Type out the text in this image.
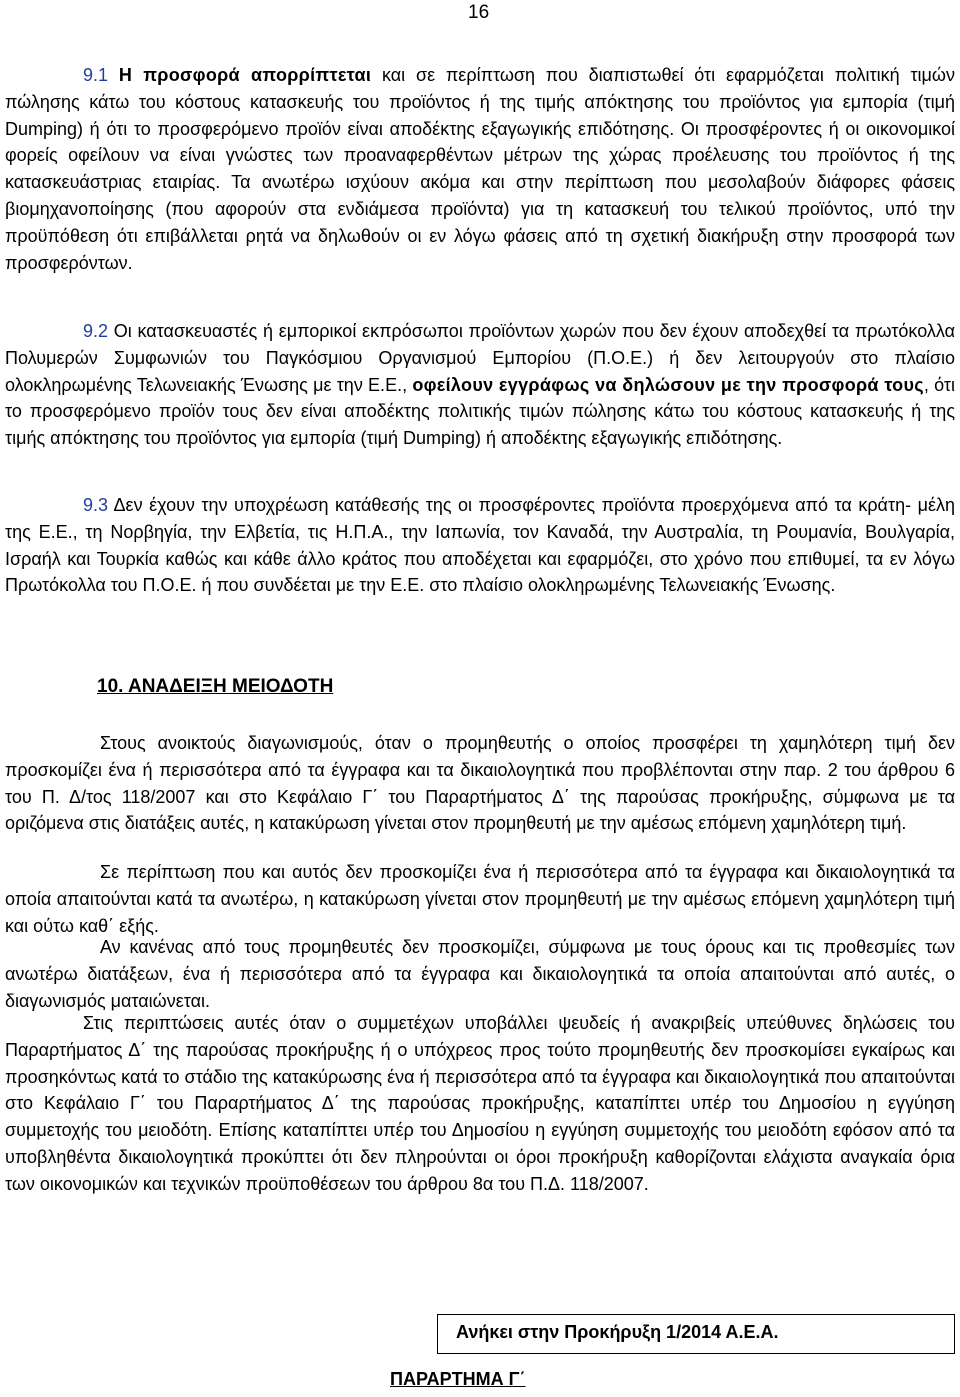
16
9.1 Η προσφορά απορρίπτεται και σε περίπτωση που διαπιστωθεί ότι εφαρμόζεται πολιτική τιμών πώλησης κάτω του κόστους κατασκευής του προϊόντος ή της τιμής απόκτησης του προϊόντος για εμπορία (τιμή Dumping) ή ότι το προσφερόμενο προϊόν είναι αποδέκτης εξαγωγικής επιδότησης. Οι προσφέροντες ή οι οικονομικοί φορείς οφείλουν να είναι γνώστες των προαναφερθέντων μέτρων της χώρας προέλευσης του προϊόντος ή της κατασκευάστριας εταιρίας. Τα ανωτέρω ισχύουν ακόμα και στην περίπτωση που μεσολαβούν διάφορες φάσεις βιομηχανοποίησης (που αφορούν στα ενδιάμεσα προϊόντα) για τη κατασκευή του τελικού προϊόντος, υπό την προϋπόθεση ότι επιβάλλεται ρητά να δηλωθούν οι εν λόγω φάσεις από τη σχετική διακήρυξη στην προσφορά των προσφερόντων.
9.2 Οι κατασκευαστές ή εμπορικοί εκπρόσωποι προϊόντων χωρών που δεν έχουν αποδεχθεί τα πρωτόκολλα Πολυμερών Συμφωνιών του Παγκόσμιου Οργανισμού Εμπορίου (Π.Ο.Ε.) ή δεν λειτουργούν στο πλαίσιο ολοκληρωμένης Τελωνειακής Ένωσης με την Ε.Ε., οφείλουν εγγράφως να δηλώσουν με την προσφορά τους, ότι το προσφερόμενο προϊόν τους δεν είναι αποδέκτης πολιτικής τιμών πώλησης κάτω του κόστους κατασκευής ή της τιμής απόκτησης του προϊόντος για εμπορία (τιμή Dumping) ή αποδέκτης εξαγωγικής επιδότησης.
9.3 Δεν έχουν την υποχρέωση κατάθεσής της οι προσφέροντες προϊόντα προερχόμενα από τα κράτη- μέλη της Ε.Ε., τη Νορβηγία, την Ελβετία, τις Η.Π.Α., την Ιαπωνία, τον Καναδά, την Αυστραλία, τη Ρουμανία, Βουλγαρία, Ισραήλ και Τουρκία καθώς και κάθε άλλο κράτος που αποδέχεται και εφαρμόζει, στο χρόνο που επιθυμεί, τα εν λόγω Πρωτόκολλα του Π.Ο.Ε. ή που συνδέεται με την Ε.Ε. στο πλαίσιο ολοκληρωμένης Τελωνειακής Ένωσης.
10. ΑΝΑΔΕΙΞΗ ΜΕΙΟΔΟΤΗ
Στους ανοικτούς διαγωνισμούς, όταν ο προμηθευτής ο οποίος προσφέρει τη χαμηλότερη τιμή δεν προσκομίζει ένα ή περισσότερα από τα έγγραφα και τα δικαιολογητικά που προβλέπονται στην παρ. 2 του άρθρου 6 του Π. Δ/τος 118/2007 και στο Κεφάλαιο Γ΄ του Παραρτήματος Δ΄ της παρούσας προκήρυξης, σύμφωνα με τα οριζόμενα στις διατάξεις αυτές, η κατακύρωση γίνεται στον προμηθευτή με την αμέσως επόμενη χαμηλότερη τιμή.
Σε περίπτωση που και αυτός δεν προσκομίζει ένα ή περισσότερα από τα έγγραφα και δικαιολογητικά τα οποία απαιτούνται κατά τα ανωτέρω, η κατακύρωση γίνεται στον προμηθευτή με την αμέσως επόμενη χαμηλότερη τιμή και ούτω καθ΄ εξής.
Αν κανένας από τους προμηθευτές δεν προσκομίζει, σύμφωνα με τους όρους και τις προθεσμίες των ανωτέρω διατάξεων, ένα ή περισσότερα από τα έγγραφα και δικαιολογητικά τα οποία απαιτούνται από αυτές, ο διαγωνισμός ματαιώνεται.
Στις περιπτώσεις αυτές όταν ο συμμετέχων υποβάλλει ψευδείς ή ανακριβείς υπεύθυνες δηλώσεις του Παραρτήματος Δ΄ της παρούσας προκήρυξης ή ο υπόχρεος προς τούτο προμηθευτής δεν προσκομίσει εγκαίρως και προσηκόντως κατά το στάδιο της κατακύρωσης ένα ή περισσότερα από τα έγγραφα και δικαιολογητικά που απαιτούνται στο Κεφάλαιο Γ΄ του Παραρτήματος Δ΄ της παρούσας προκήρυξης, καταπίπτει υπέρ του Δημοσίου η εγγύηση συμμετοχής του μειοδότη. Επίσης καταπίπτει υπέρ του Δημοσίου η εγγύηση συμμετοχής του μειοδότη εφόσον από τα υποβληθέντα δικαιολογητικά προκύπτει ότι δεν πληρούνται οι όροι προκήρυξη καθορίζονται ελάχιστα αναγκαία όρια των οικονομικών και τεχνικών προϋποθέσεων του άρθρου 8α του Π.Δ. 118/2007.
Ανήκει στην Προκήρυξη 1/2014 Α.Ε.Α.
ΠΑΡΑΡΤΗΜΑ Γ΄
